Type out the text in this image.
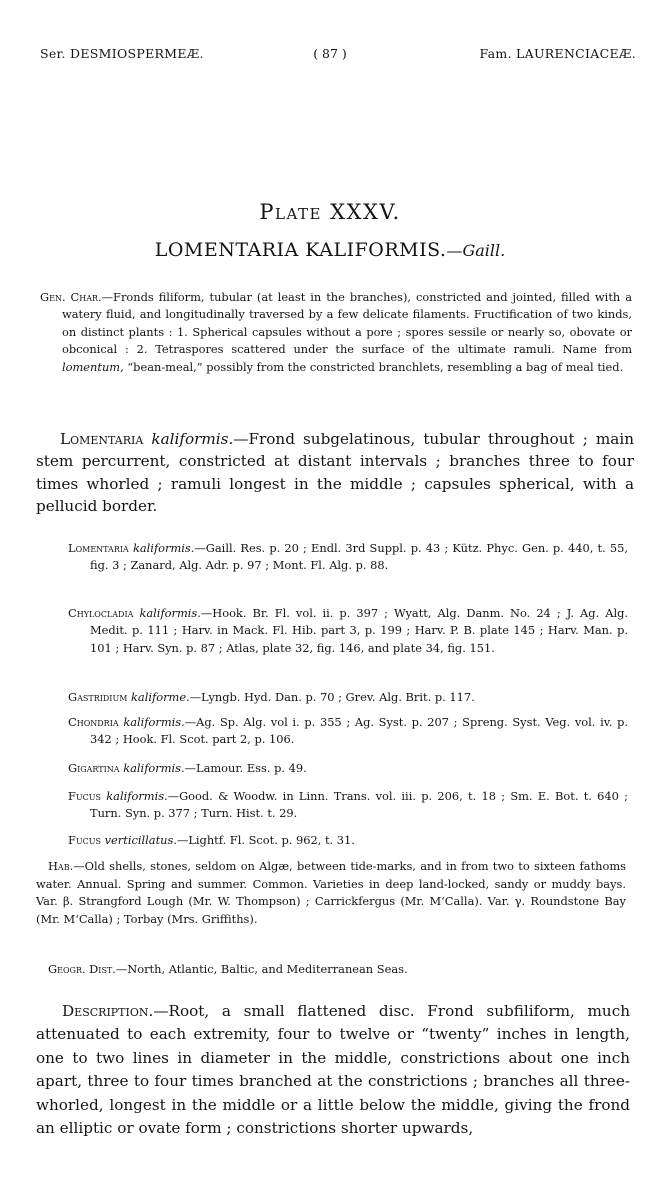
Ser. DESMIOSPERMEÆ.	( 87 )	Fam. LAURENCIACEÆ.
Plate XXXV.
LOMENTARIA KALIFORMIS.—Gaill.

Gen. Char.—Fronds filiform, tubular (at least in the branches), constricted and jointed, filled with a watery fluid, and longitudinally traversed by a few delicate filaments. Fructification of two kinds, on distinct plants : 1. Spherical capsules without a pore ; spores sessile or nearly so, obovate or obconical : 2. Tetraspores scattered under the surface of the ultimate ramuli. Name from lomentum, “bean-meal,” possibly from the constricted branchlets, resembling a bag of meal tied.

Lomentaria kaliformis.—Frond subgelatinous, tubular throughout ; main stem percurrent, constricted at distant intervals ; branches three to four times whorled ; ramuli longest in the middle ; capsules spherical, with a pellucid border.

Lomentaria kaliformis.—Gaill. Res. p. 20 ; Endl. 3rd Suppl. p. 43 ; Kütz. Phyc. Gen. p. 440, t. 55, fig. 3 ; Zanard, Alg. Adr. p. 97 ; Mont. Fl. Alg. p. 88.

Chylocladia kaliformis.—Hook. Br. Fl. vol. ii. p. 397 ; Wyatt, Alg. Danm. No. 24 ; J. Ag. Alg. Medit. p. 111 ; Harv. in Mack. Fl. Hib. part 3, p. 199 ; Harv. P. B. plate 145 ; Harv. Man. p. 101 ; Harv. Syn. p. 87 ; Atlas, plate 32, fig. 146, and plate 34, fig. 151.

Gastridium kaliforme.—Lyngb. Hyd. Dan. p. 70 ; Grev. Alg. Brit. p. 117.

Chondria kaliformis.—Ag. Sp. Alg. vol i. p. 355 ; Ag. Syst. p. 207 ; Spreng. Syst. Veg. vol. iv. p. 342 ; Hook. Fl. Scot. part 2, p. 106.

Gigartina kaliformis.—Lamour. Ess. p. 49.

Fucus kaliformis.—Good. & Woodw. in Linn. Trans. vol. iii. p. 206, t. 18 ; Sm. E. Bot. t. 640 ; Turn. Syn. p. 377 ; Turn. Hist. t. 29.

Fucus verticillatus.—Lightf. Fl. Scot. p. 962, t. 31.

Hab.—Old shells, stones, seldom on Algæ, between tide-marks, and in from two to sixteen fathoms water. Annual. Spring and summer. Common. Varieties in deep land-locked, sandy or muddy bays. Var. β. Strangford Lough (Mr. W. Thompson) ; Carrickfergus (Mr. M‘Calla). Var. γ. Roundstone Bay (Mr. M‘Calla) ; Torbay (Mrs. Griffiths).

Geogr. Dist.—North, Atlantic, Baltic, and Mediterranean Seas.

Description.—Root, a small flattened disc. Frond subfiliform, much attenuated to each extremity, four to twelve or “twenty” inches in length, one to two lines in diameter in the middle, constrictions about one inch apart, three to four times branched at the constrictions ; branches all three-whorled, longest in the middle or a little below the middle, giving the frond an elliptic or ovate form ; constrictions shorter upwards,
